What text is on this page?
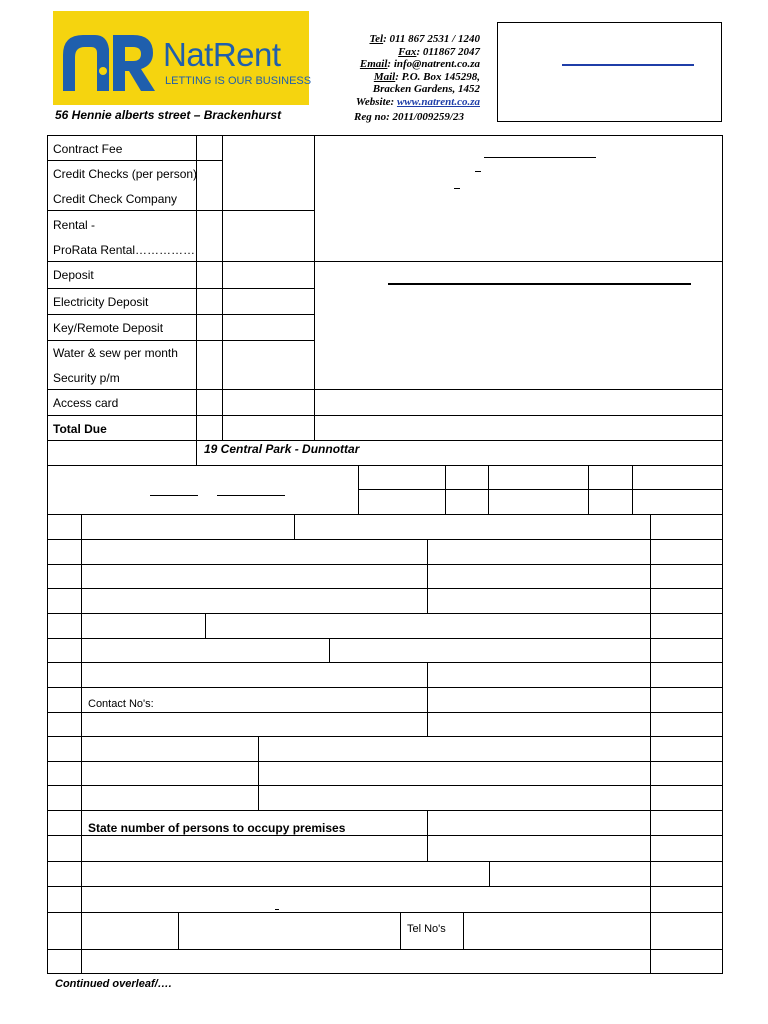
NatRent
LETTING IS OUR BUSINESS
56 Hennie alberts street – Brackenhurst
Tel: 011 867 2531 / 1240
Fax: 011867 2047
Email: info@natrent.co.za
Mail: P.O. Box 145298,
Bracken Gardens, 1452
Website: www.natrent.co.za
Reg no: 2011/009259/23
Contract Fee
Credit Checks (per person)
Credit Check Company
Rental -
ProRata Rental……………
Deposit
Electricity Deposit
Key/Remote Deposit
Water & sew per month
Security p/m
Access card
Total Due
19 Central Park - Dunnottar
Contact No's:
State number of persons to occupy premises
Tel No's
Continued overleaf/….
